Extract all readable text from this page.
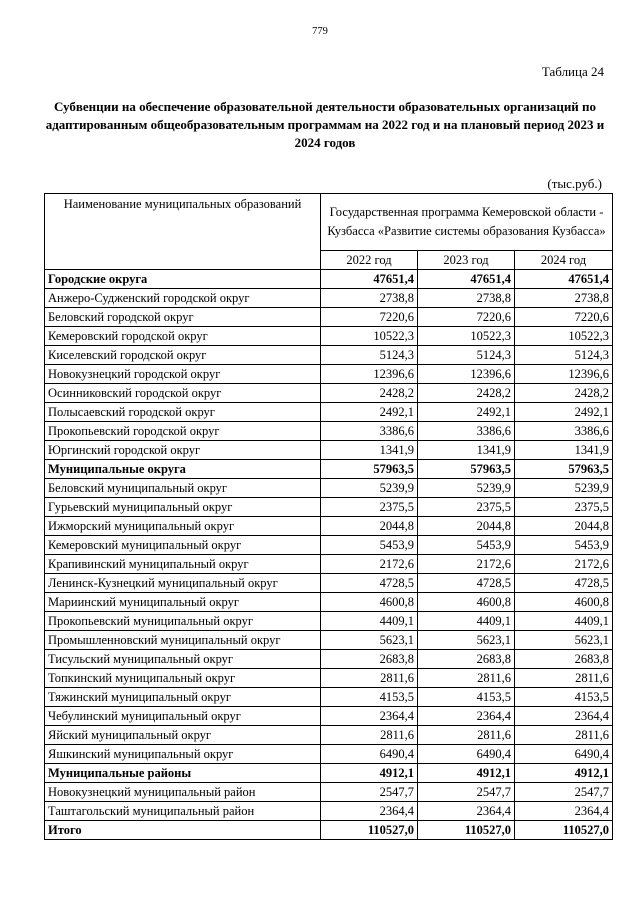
779
Таблица 24
Субвенции на обеспечение образовательной деятельности образовательных организаций по адаптированным общеобразовательным программам на 2022 год и на плановый период 2023 и 2024 годов
(тыс.руб.)
Наименование муниципальных образований	Государственная программа Кемеровской области - Кузбасса «Развитие системы образования Кузбасса»		
	2022 год	2023 год	2024 год
Городские округа	47651,4	47651,4	47651,4
Анжеро-Судженский городской округ	2738,8	2738,8	2738,8
Беловский городской округ	7220,6	7220,6	7220,6
Кемеровский городской округ	10522,3	10522,3	10522,3
Киселевский городской округ	5124,3	5124,3	5124,3
Новокузнецкий городской округ	12396,6	12396,6	12396,6
Осинниковский городской округ	2428,2	2428,2	2428,2
Полысаевский городской округ	2492,1	2492,1	2492,1
Прокопьевский городской округ	3386,6	3386,6	3386,6
Юргинский городской округ	1341,9	1341,9	1341,9
Муниципальные округа	57963,5	57963,5	57963,5
Беловский муниципальный округ	5239,9	5239,9	5239,9
Гурьевский муниципальный округ	2375,5	2375,5	2375,5
Ижморский муниципальный округ	2044,8	2044,8	2044,8
Кемеровский муниципальный округ	5453,9	5453,9	5453,9
Крапивинский муниципальный округ	2172,6	2172,6	2172,6
Ленинск-Кузнецкий муниципальный округ	4728,5	4728,5	4728,5
Мариинский муниципальный округ	4600,8	4600,8	4600,8
Прокопьевский муниципальный округ	4409,1	4409,1	4409,1
Промышленновский муниципальный округ	5623,1	5623,1	5623,1
Тисульский муниципальный округ	2683,8	2683,8	2683,8
Топкинский муниципальный округ	2811,6	2811,6	2811,6
Тяжинский муниципальный округ	4153,5	4153,5	4153,5
Чебулинский муниципальный округ	2364,4	2364,4	2364,4
Яйский муниципальный округ	2811,6	2811,6	2811,6
Яшкинский муниципальный округ	6490,4	6490,4	6490,4
Муниципальные районы	4912,1	4912,1	4912,1
Новокузнецкий муниципальный район	2547,7	2547,7	2547,7
Таштагольский муниципальный район	2364,4	2364,4	2364,4
Итого	110527,0	110527,0	110527,0
